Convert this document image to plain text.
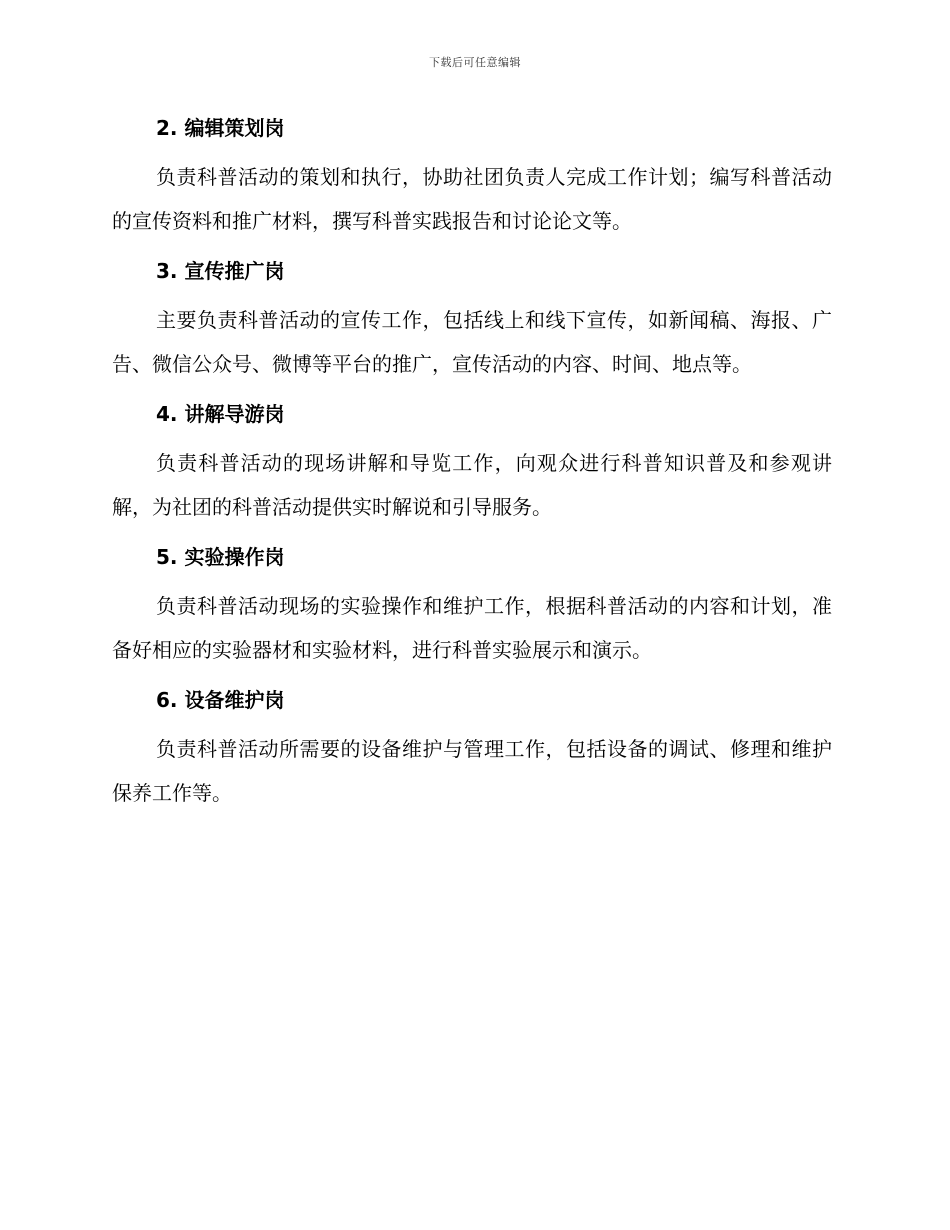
下载后可任意编辑
2. 编辑策划岗

负责科普活动的策划和执行，协助社团负责人完成工作计划；编写科普活动的宣传资料和推广材料，撰写科普实践报告和讨论论文等。

3. 宣传推广岗

主要负责科普活动的宣传工作，包括线上和线下宣传，如新闻稿、海报、广告、微信公众号、微博等平台的推广，宣传活动的内容、时间、地点等。

4. 讲解导游岗

负责科普活动的现场讲解和导览工作，向观众进行科普知识普及和参观讲解，为社团的科普活动提供实时解说和引导服务。

5. 实验操作岗

负责科普活动现场的实验操作和维护工作，根据科普活动的内容和计划，准备好相应的实验器材和实验材料，进行科普实验展示和演示。

6. 设备维护岗

负责科普活动所需要的设备维护与管理工作，包括设备的调试、修理和维护保养工作等。
